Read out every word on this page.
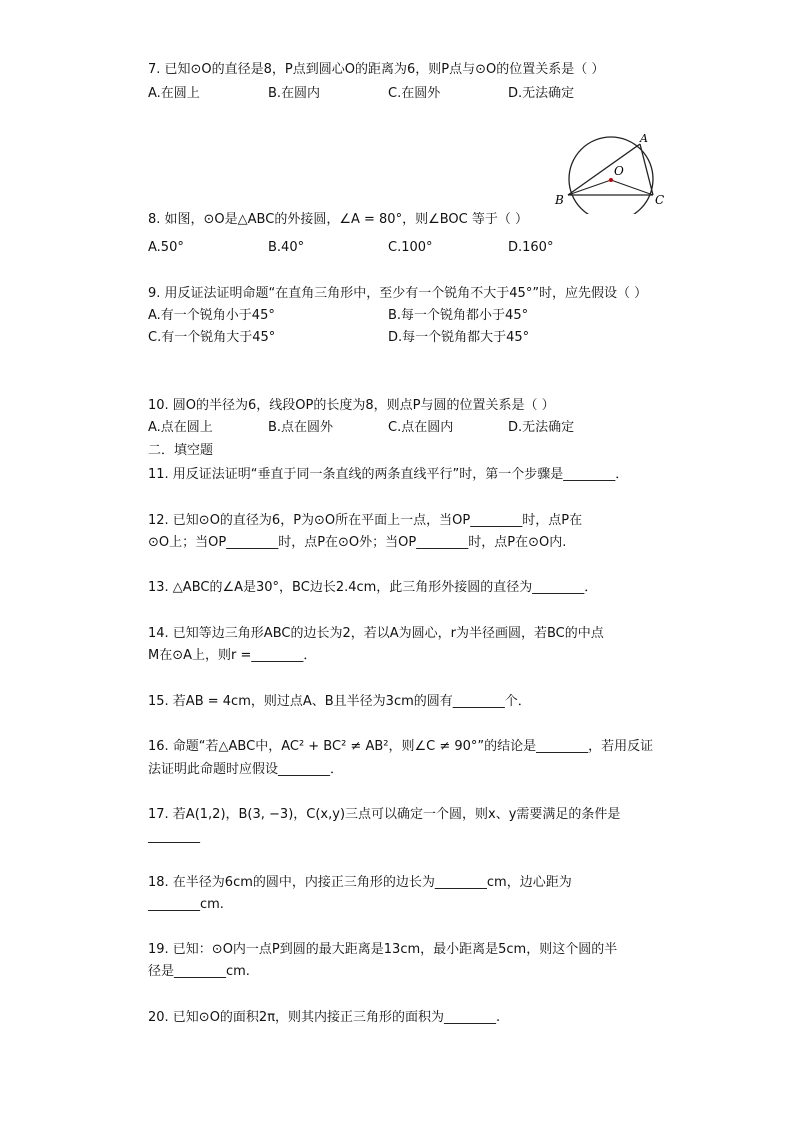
7. 已知⊙O的直径是8，P点到圆心O的距离为6，则P点与⊙O的位置关系是（ ）
A.在圆上	B.在圆内	C.在圆外	D.无法确定
A
O
B	C
8. 如图，⊙O是△ABC的外接圆，∠A = 80°，则∠BOC 等于（ ）
A.50°	B.40°	C.100°	D.160°
9. 用反证法证明命题“在直角三角形中，至少有一个锐角不大于45°”时，应先假设（ ）
A.有一个锐角小于45°	B.每一个锐角都小于45°
C.有一个锐角大于45°	D.每一个锐角都大于45°
10. 圆O的半径为6，线段OP的长度为8，则点P与圆的位置关系是（ ）
A.点在圆上	B.点在圆外	C.点在圆内	D.无法确定
二．填空题
11. 用反证法证明“垂直于同一条直线的两条直线平行”时，第一个步骤是________．
12. 已知⊙O的直径为6，P为⊙O所在平面上一点，当OP________时，点P在
⊙O上；当OP________时，点P在⊙O外；当OP________时，点P在⊙O内.
13. △ABC的∠A是30°，BC边长2.4cm，此三角形外接圆的直径为________．
14. 已知等边三角形ABC的边长为2，若以A为圆心，r为半径画圆，若BC的中点
M在⊙A上，则r =________．
15. 若AB = 4cm，则过点A、B且半径为3cm的圆有________个．
16. 命题“若△ABC中，AC² + BC² ≠ AB²，则∠C ≠ 90°”的结论是________，若用反证
法证明此命题时应假设________．
17. 若A(1,2)，B(3, −3)，C(x,y)三点可以确定一个圆，则x、y需要满足的条件是
________
18. 在半径为6cm的圆中，内接正三角形的边长为________cm，边心距为
________cm.
19. 已知：⊙O内一点P到圆的最大距离是13cm，最小距离是5cm，则这个圆的半
径是________cm.
20. 已知⊙O的面积2π，则其内接正三角形的面积为________.
